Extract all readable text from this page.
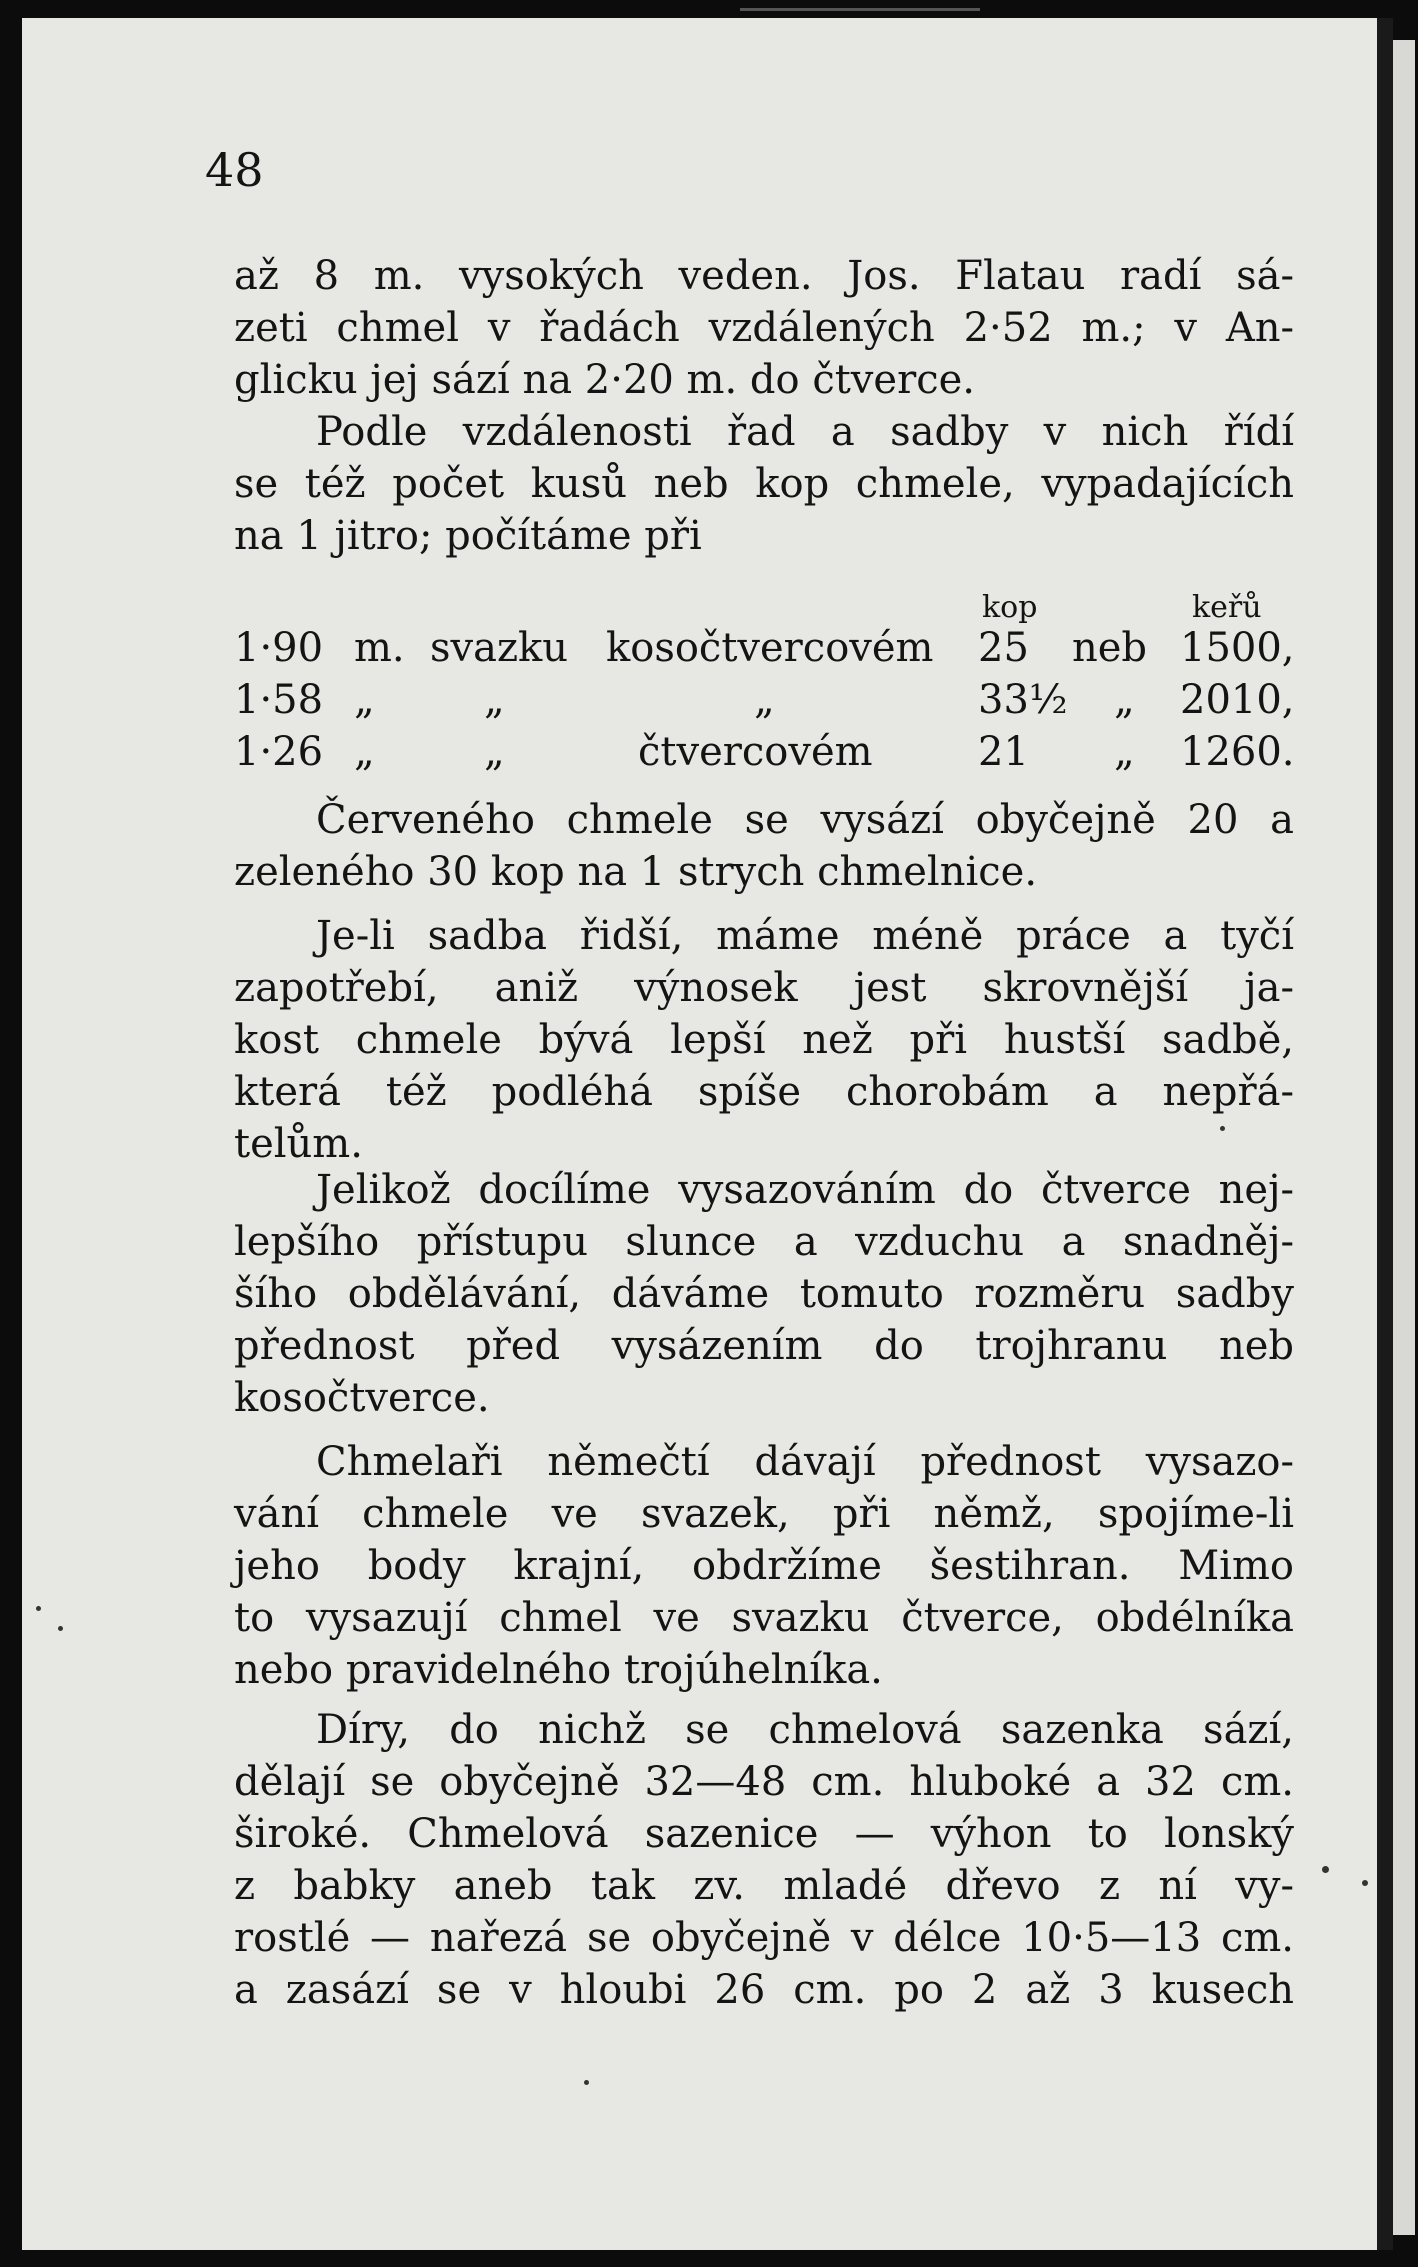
48
až 8 m. vysokých veden. Jos. Flatau radí sá-
zeti chmel v řadách vzdálených 2·52 m.; v An-
glicku jej sází na 2·20 m. do čtverce.
Podle vzdálenosti řad a sadby v nich řídí
se též počet kusů neb kop chmele, vypadajících
na 1 jitro; počítáme při
kop	keřů
1·90 m. svazku kosočtvercovém 25 neb 1500,
1·58 „	„	„	33½ „ 2010,
1·26 „	„	čtvercovém	21 „ 1260.
Červeného chmele se vysází obyčejně 20 a
zeleného 30 kop na 1 strych chmelnice.
Je-li sadba řidší, máme méně práce a tyčí
zapotřebí, aniž výnosek jest skrovnější ja-
kost chmele bývá lepší než při hustší sadbě,
která též podléhá spíše chorobám a nepřá-
telům.
Jelikož docílíme vysazováním do čtverce nej-
lepšího přístupu slunce a vzduchu a snadněj-
šího obdělávání, dáváme tomuto rozměru sadby
přednost před vysázením do trojhranu neb
kosočtverce.
Chmelaři němečtí dávají přednost vysazo-
vání chmele ve svazek, při němž, spojíme-li
jeho body krajní, obdržíme šestihran. Mimo
to vysazují chmel ve svazku čtverce, obdélníka
nebo pravidelného trojúhelníka.
Díry, do nichž se chmelová sazenka sází,
dělají se obyčejně 32—48 cm. hluboké a 32 cm.
široké. Chmelová sazenice — výhon to lonský
z babky aneb tak zv. mladé dřevo z ní vy-
rostlé — nařezá se obyčejně v délce 10·5—13 cm.
a zasází se v hloubi 26 cm. po 2 až 3 kusech
